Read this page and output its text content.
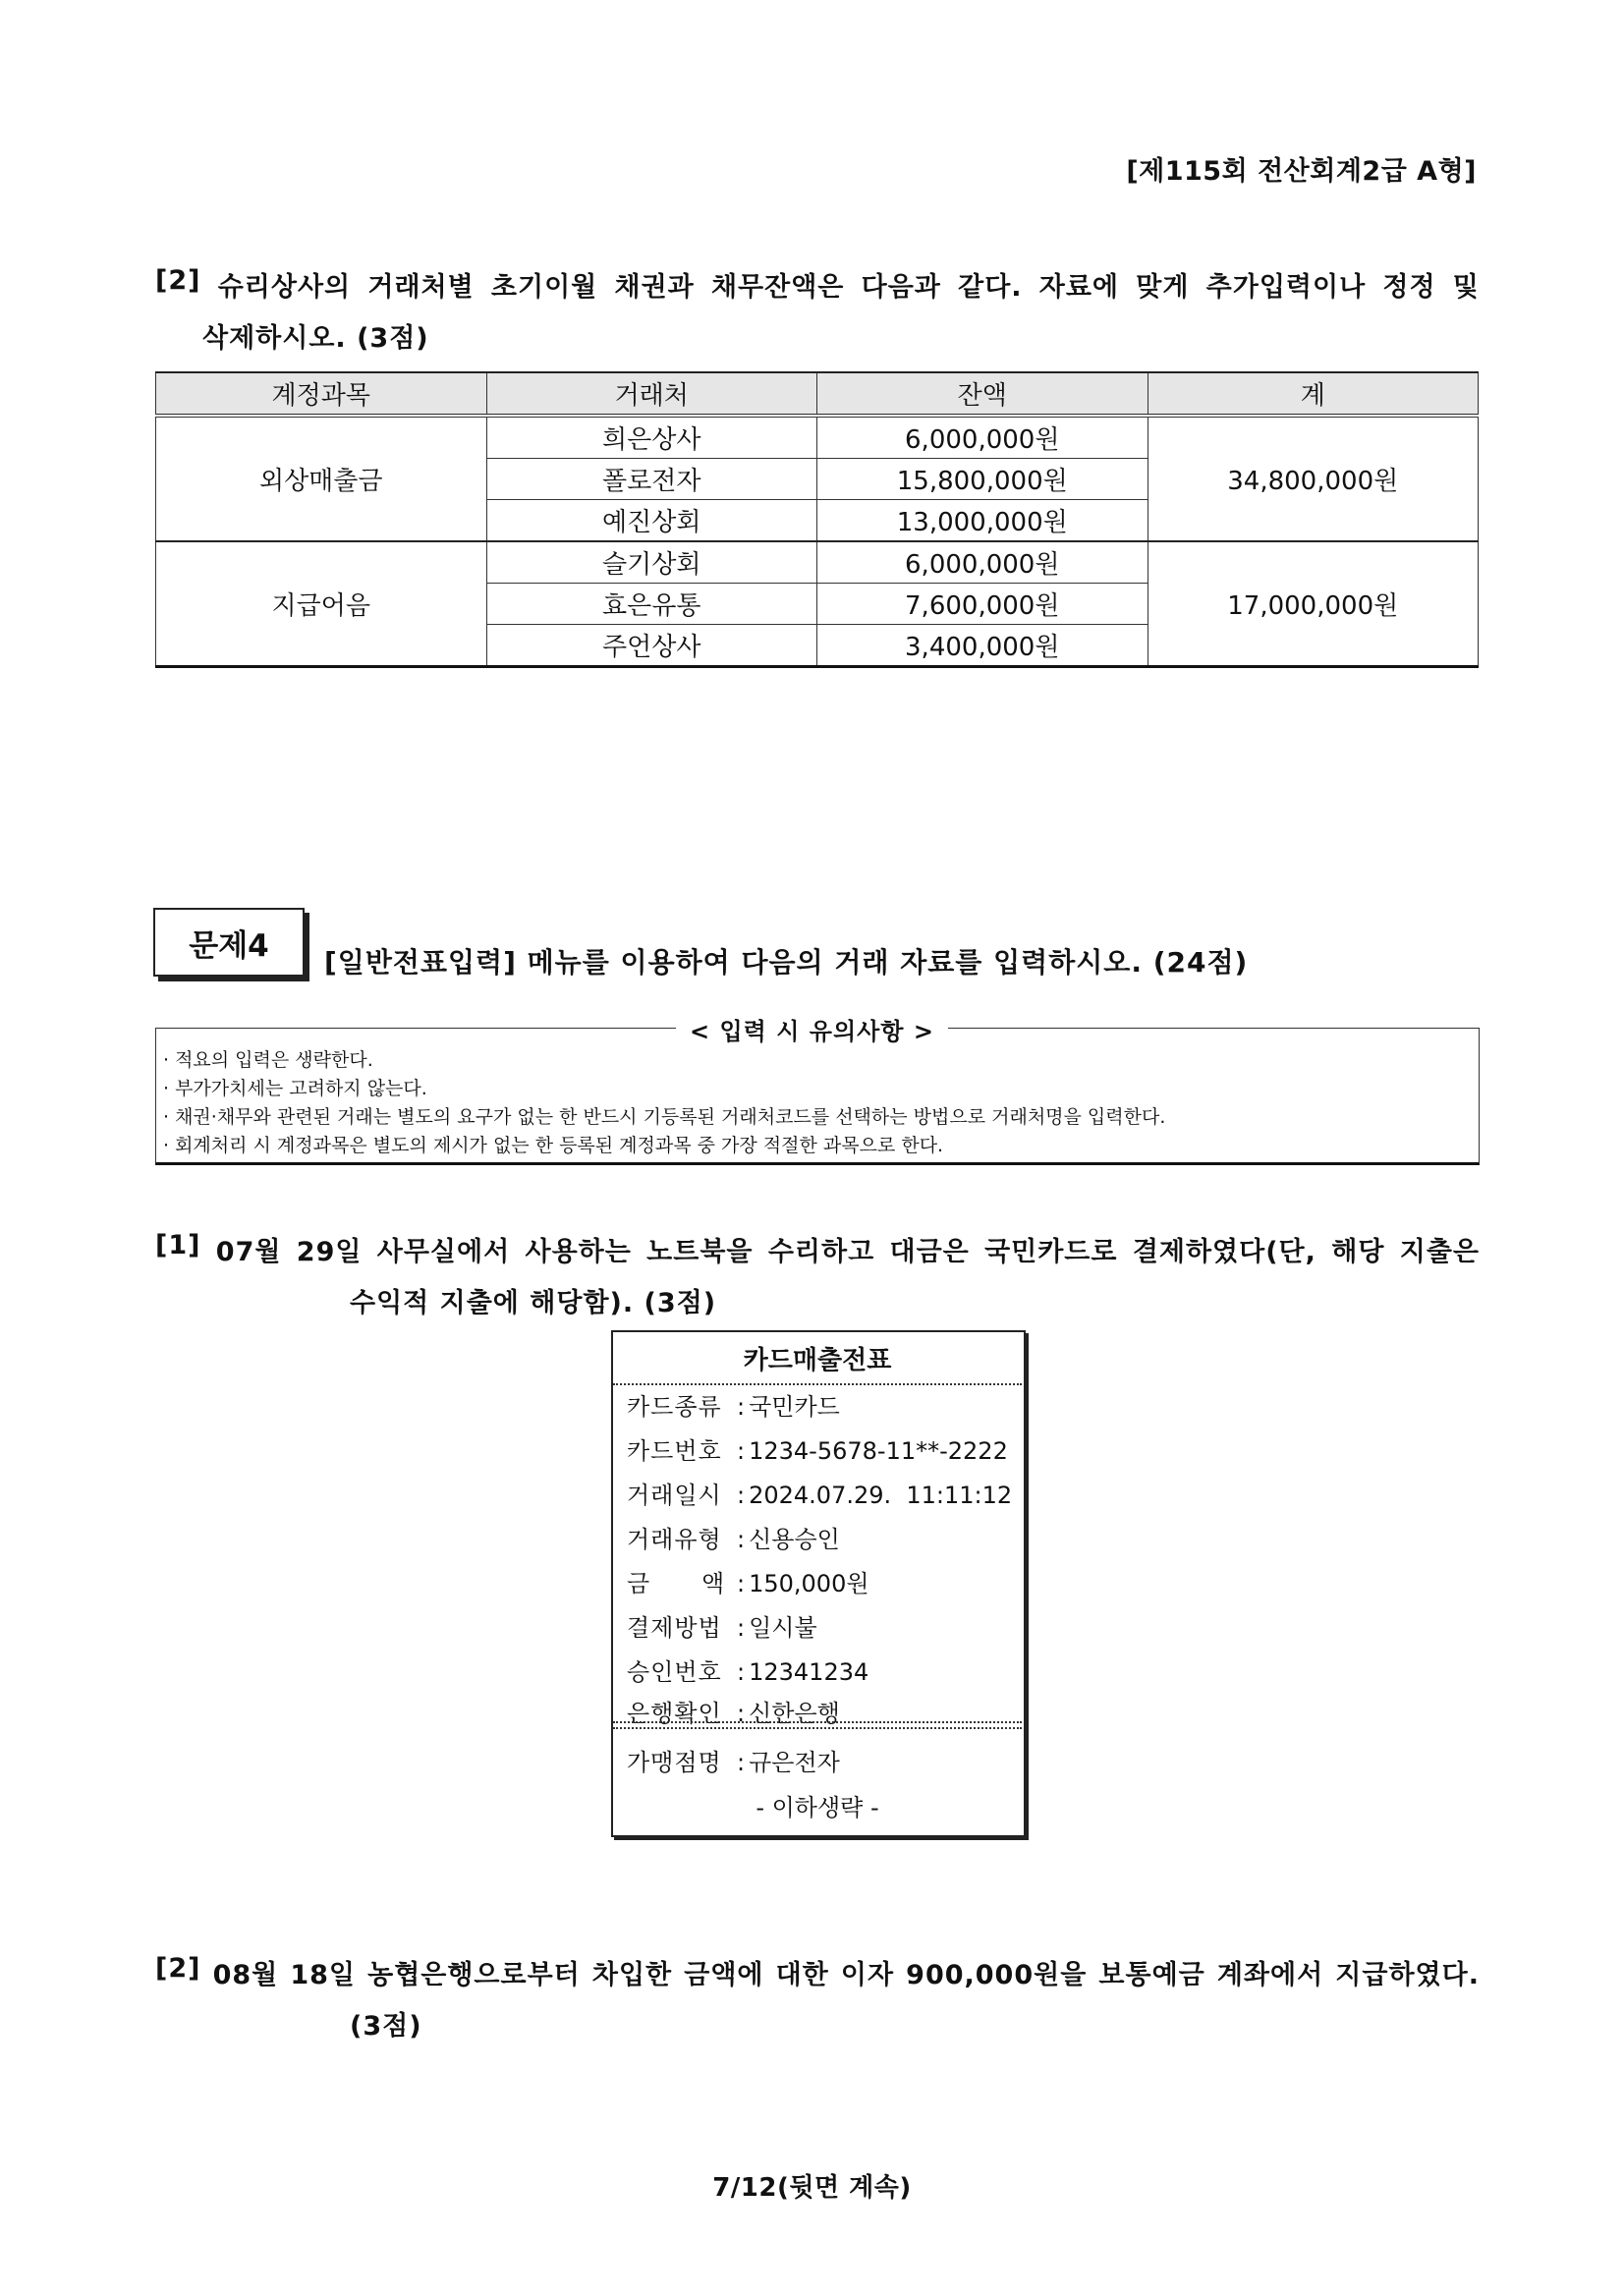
[제115회 전산회계2급 A형]
[2] 슈리상사의 거래처별 초기이월 채권과 채무잔액은 다음과 같다. 자료에 맞게 추가입력이나 정정 및
삭제하시오. (3점)
계정과목	거래처	잔액	계
외상매출금	희은상사	6,000,000원	34,800,000원
	폴로전자	15,800,000원	
	예진상회	13,000,000원	
지급어음	슬기상회	6,000,000원	17,000,000원
	효은유통	7,600,000원	
	주언상사	3,400,000원	
문제4	[일반전표입력] 메뉴를 이용하여 다음의 거래 자료를 입력하시오. (24점)
< 입력 시 유의사항 >
· 적요의 입력은 생략한다.
· 부가가치세는 고려하지 않는다.
· 채권·채무와 관련된 거래는 별도의 요구가 없는 한 반드시 기등록된 거래처코드를 선택하는 방법으로 거래처명을 입력한다.
· 회계처리 시 계정과목은 별도의 제시가 없는 한 등록된 계정과목 중 가장 적절한 과목으로 한다.
[1] 07월 29일 사무실에서 사용하는 노트북을 수리하고 대금은 국민카드로 결제하였다(단, 해당 지출은
수익적 지출에 해당함). (3점)
카드매출전표
카드종류 : 국민카드
카드번호 : 1234-5678-11**-2222
거래일시 : 2024.07.29.  11:11:12
거래유형 : 신용승인
금      액 : 150,000원
결제방법 : 일시불
승인번호 : 12341234
은행확인 : 신한은행
가맹점명 : 규은전자
- 이하생략 -
[2] 08월 18일 농협은행으로부터 차입한 금액에 대한 이자 900,000원을 보통예금 계좌에서 지급하였다.
(3점)
7/12(뒷면 계속)
